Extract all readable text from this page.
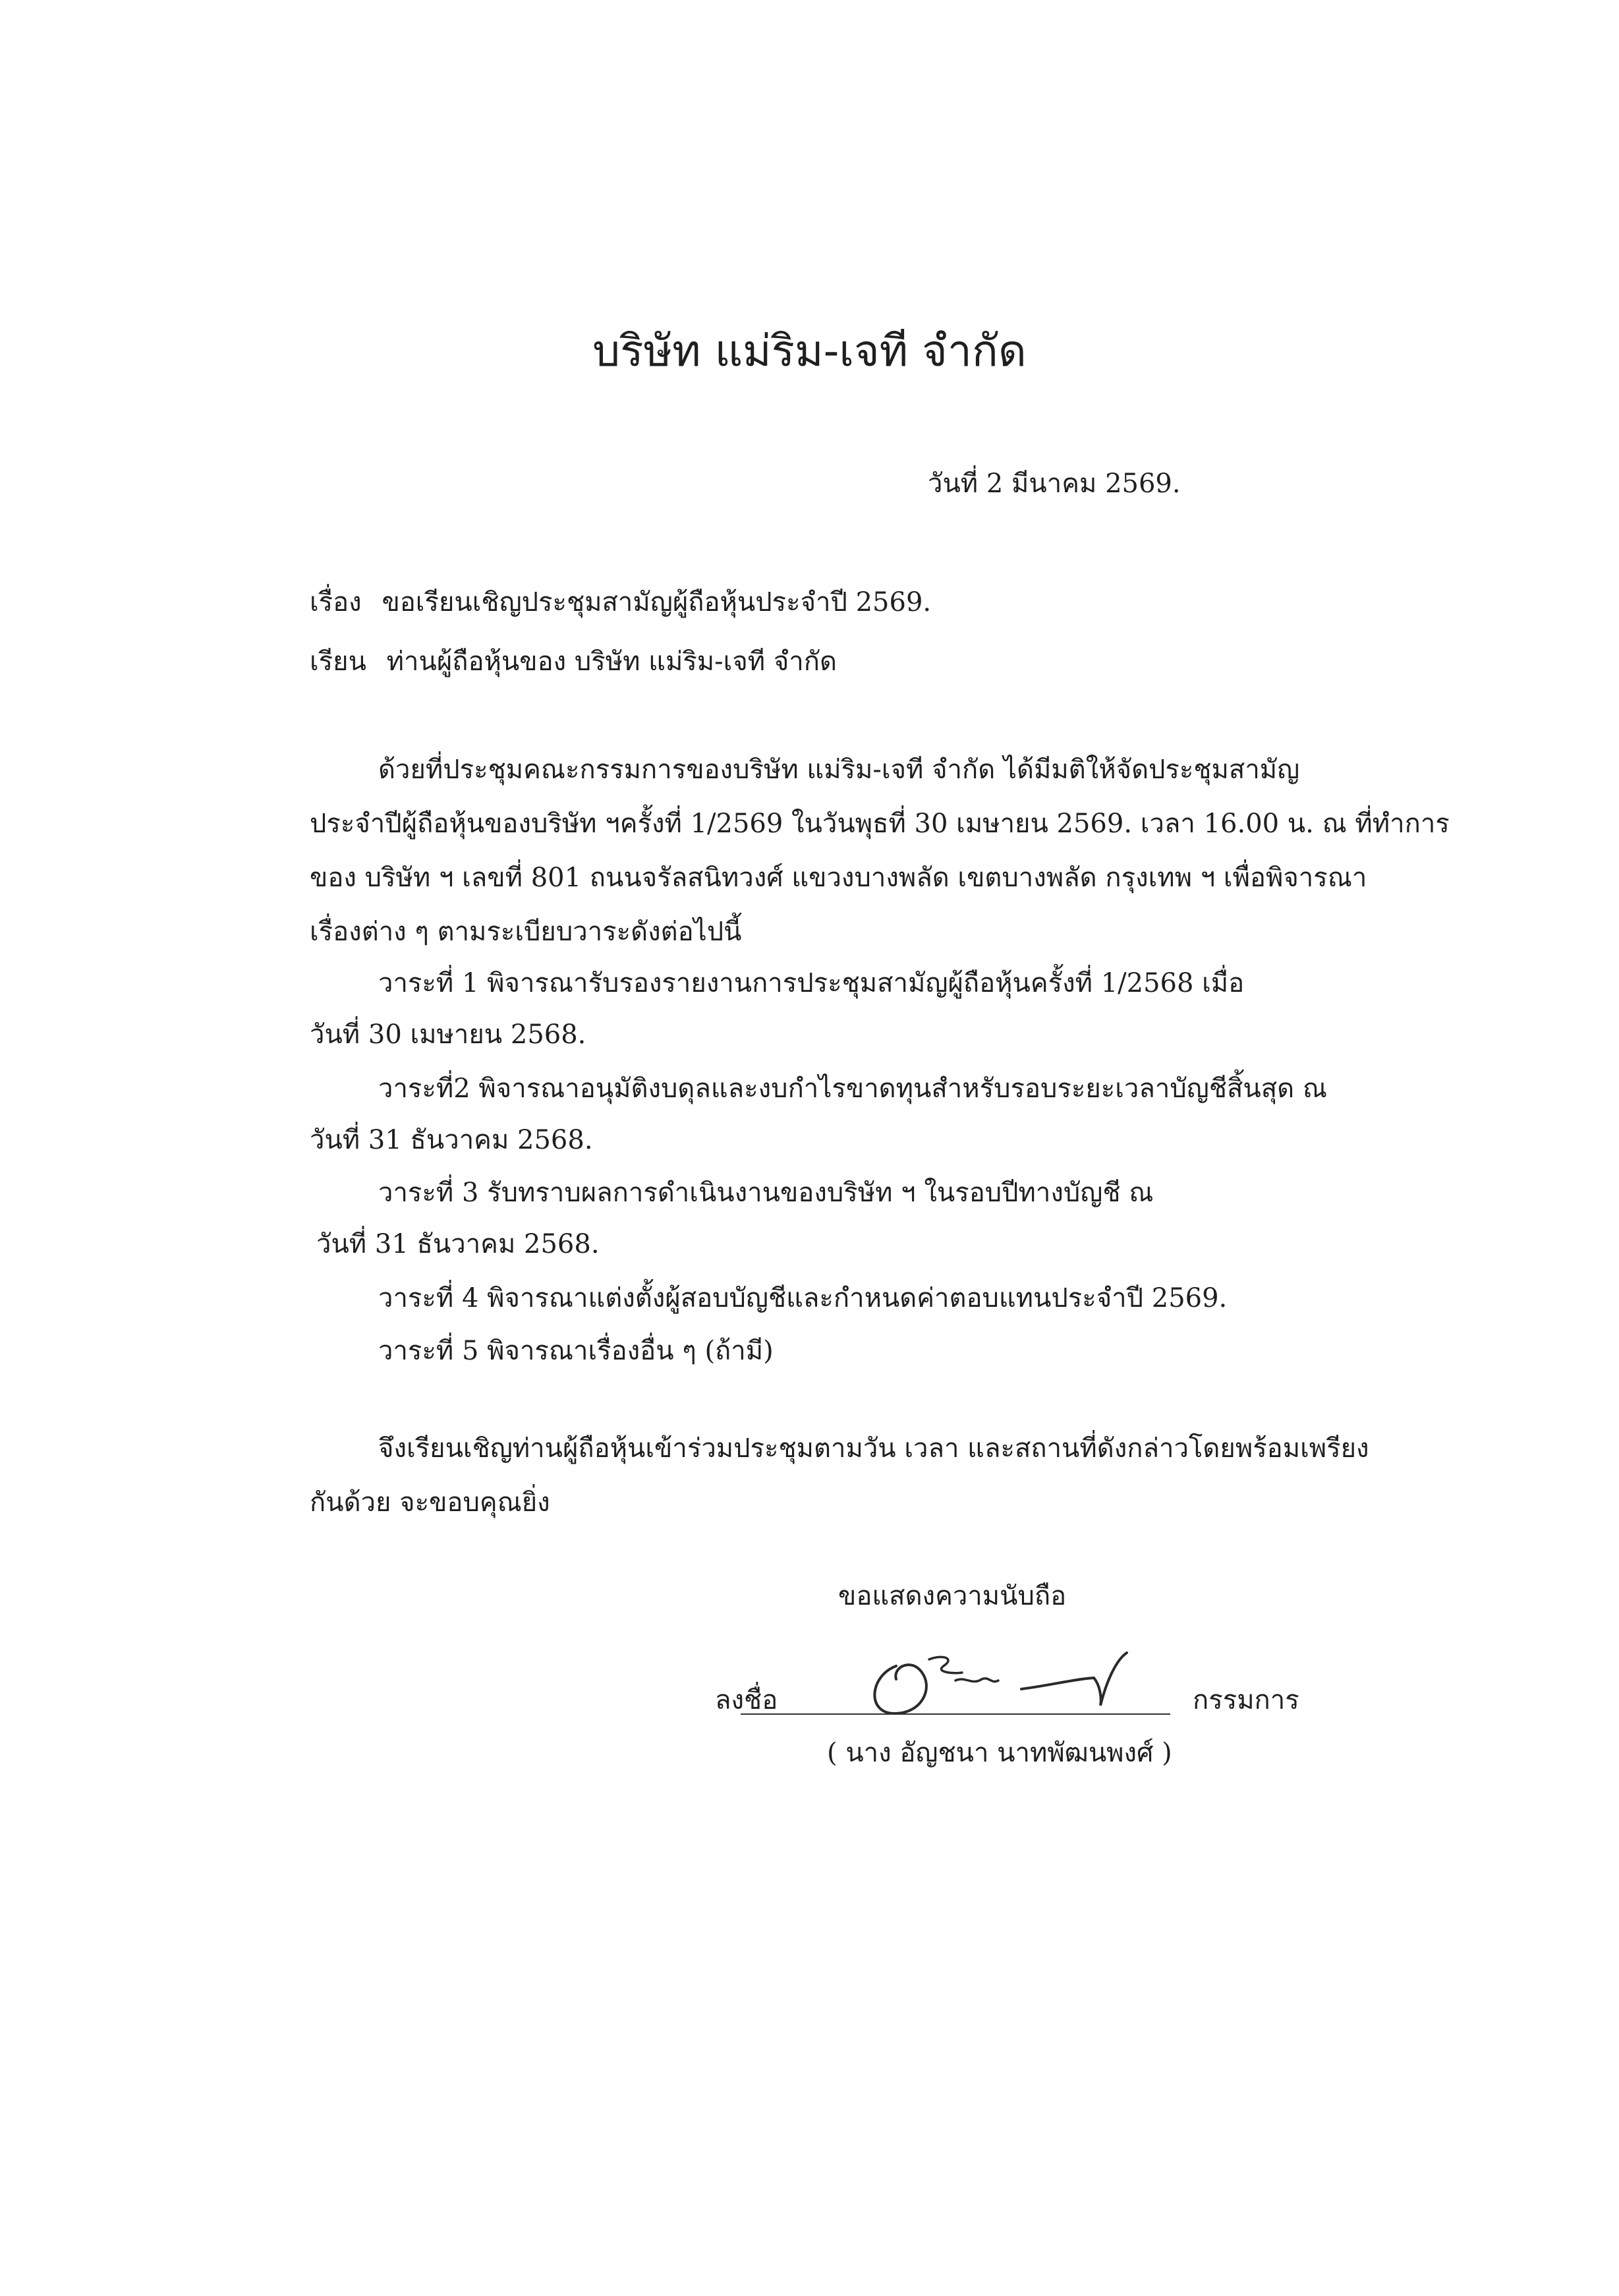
บริษัท แม่ริม-เจที จำกัด
วันที่ 2 มีนาคม 2569.
เรื่อง ขอเรียนเชิญประชุมสามัญผู้ถือหุ้นประจำปี 2569.
เรียน ท่านผู้ถือหุ้นของ บริษัท แม่ริม-เจที จำกัด
ด้วยที่ประชุมคณะกรรมการของบริษัท แม่ริม-เจที จำกัด ได้มีมติให้จัดประชุมสามัญ
ประจำปีผู้ถือหุ้นของบริษัท ฯครั้งที่ 1/2569 ในวันพุธที่ 30 เมษายน 2569. เวลา 16.00 น. ณ ที่ทำการ
ของ บริษัท ฯ เลขที่ 801 ถนนจรัลสนิทวงศ์ แขวงบางพลัด เขตบางพลัด กรุงเทพ ฯ เพื่อพิจารณา
เรื่องต่าง ๆ ตามระเบียบวาระดังต่อไปนี้
วาระที่ 1 พิจารณารับรองรายงานการประชุมสามัญผู้ถือหุ้นครั้งที่ 1/2568 เมื่อ
วันที่ 30 เมษายน 2568.
วาระที่2 พิจารณาอนุมัติงบดุลและงบกำไรขาดทุนสำหรับรอบระยะเวลาบัญชีสิ้นสุด ณ
วันที่ 31 ธันวาคม 2568.
วาระที่ 3 รับทราบผลการดำเนินงานของบริษัท ฯ ในรอบปีทางบัญชี ณ
วันที่ 31 ธันวาคม 2568.
วาระที่ 4 พิจารณาแต่งตั้งผู้สอบบัญชีและกำหนดค่าตอบแทนประจำปี 2569.
วาระที่ 5 พิจารณาเรื่องอื่น ๆ (ถ้ามี)
จึงเรียนเชิญท่านผู้ถือหุ้นเข้าร่วมประชุมตามวัน เวลา และสถานที่ดังกล่าวโดยพร้อมเพรียง
กันด้วย จะขอบคุณยิ่ง
ขอแสดงความนับถือ
ลงชื่อ	กรรมการ
( นาง อัญชนา นาทพัฒนพงศ์ )
